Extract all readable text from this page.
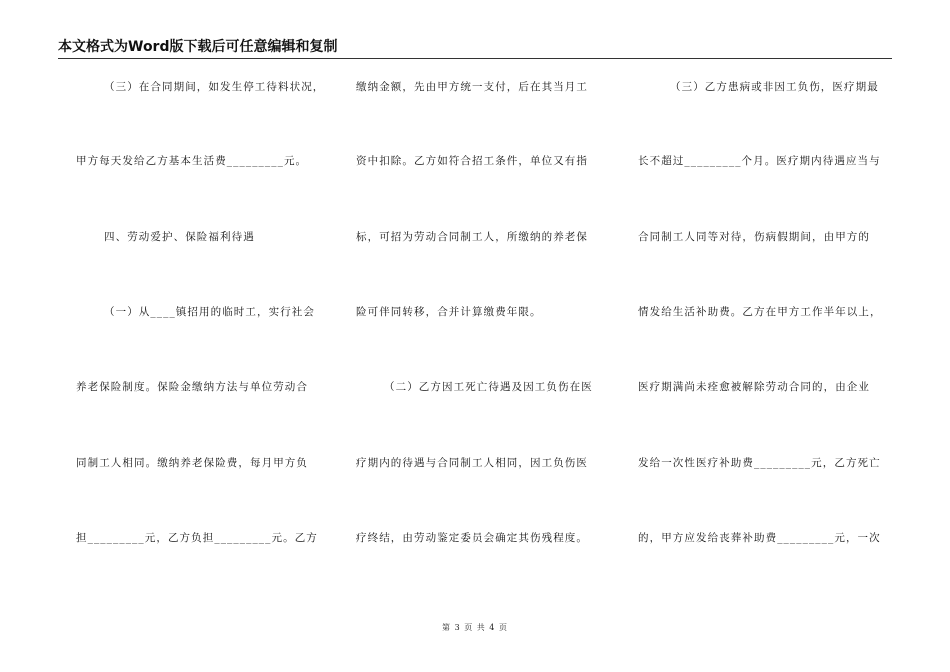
本文格式为Word版下载后可任意编辑和复制
（三）在合同期间，如发生停工待料状况，
甲方每天发给乙方基本生活费_________元。
四、劳动爱护、保险福利待遇
（一）从____镇招用的临时工，实行社会
养老保险制度。保险金缴纳方法与单位劳动合
同制工人相同。缴纳养老保险费，每月甲方负
担_________元，乙方负担_________元。乙方
缴纳金额，先由甲方统一支付，后在其当月工
资中扣除。乙方如符合招工条件，单位又有指
标，可招为劳动合同制工人，所缴纳的养老保
险可伴同转移，合并计算缴费年限。
（二）乙方因工死亡待遇及因工负伤在医
疗期内的待遇与合同制工人相同，因工负伤医
疗终结，由劳动鉴定委员会确定其伤残程度。
（三）乙方患病或非因工负伤，医疗期最
长不超过_________个月。医疗期内待遇应当与
合同制工人同等对待，伤病假期间，由甲方的
情发给生活补助费。乙方在甲方工作半年以上，
医疗期满尚未痊愈被解除劳动合同的，由企业
发给一次性医疗补助费_________元，乙方死亡
的，甲方应发给丧葬补助费_________元，一次
第 3 页 共 4 页
